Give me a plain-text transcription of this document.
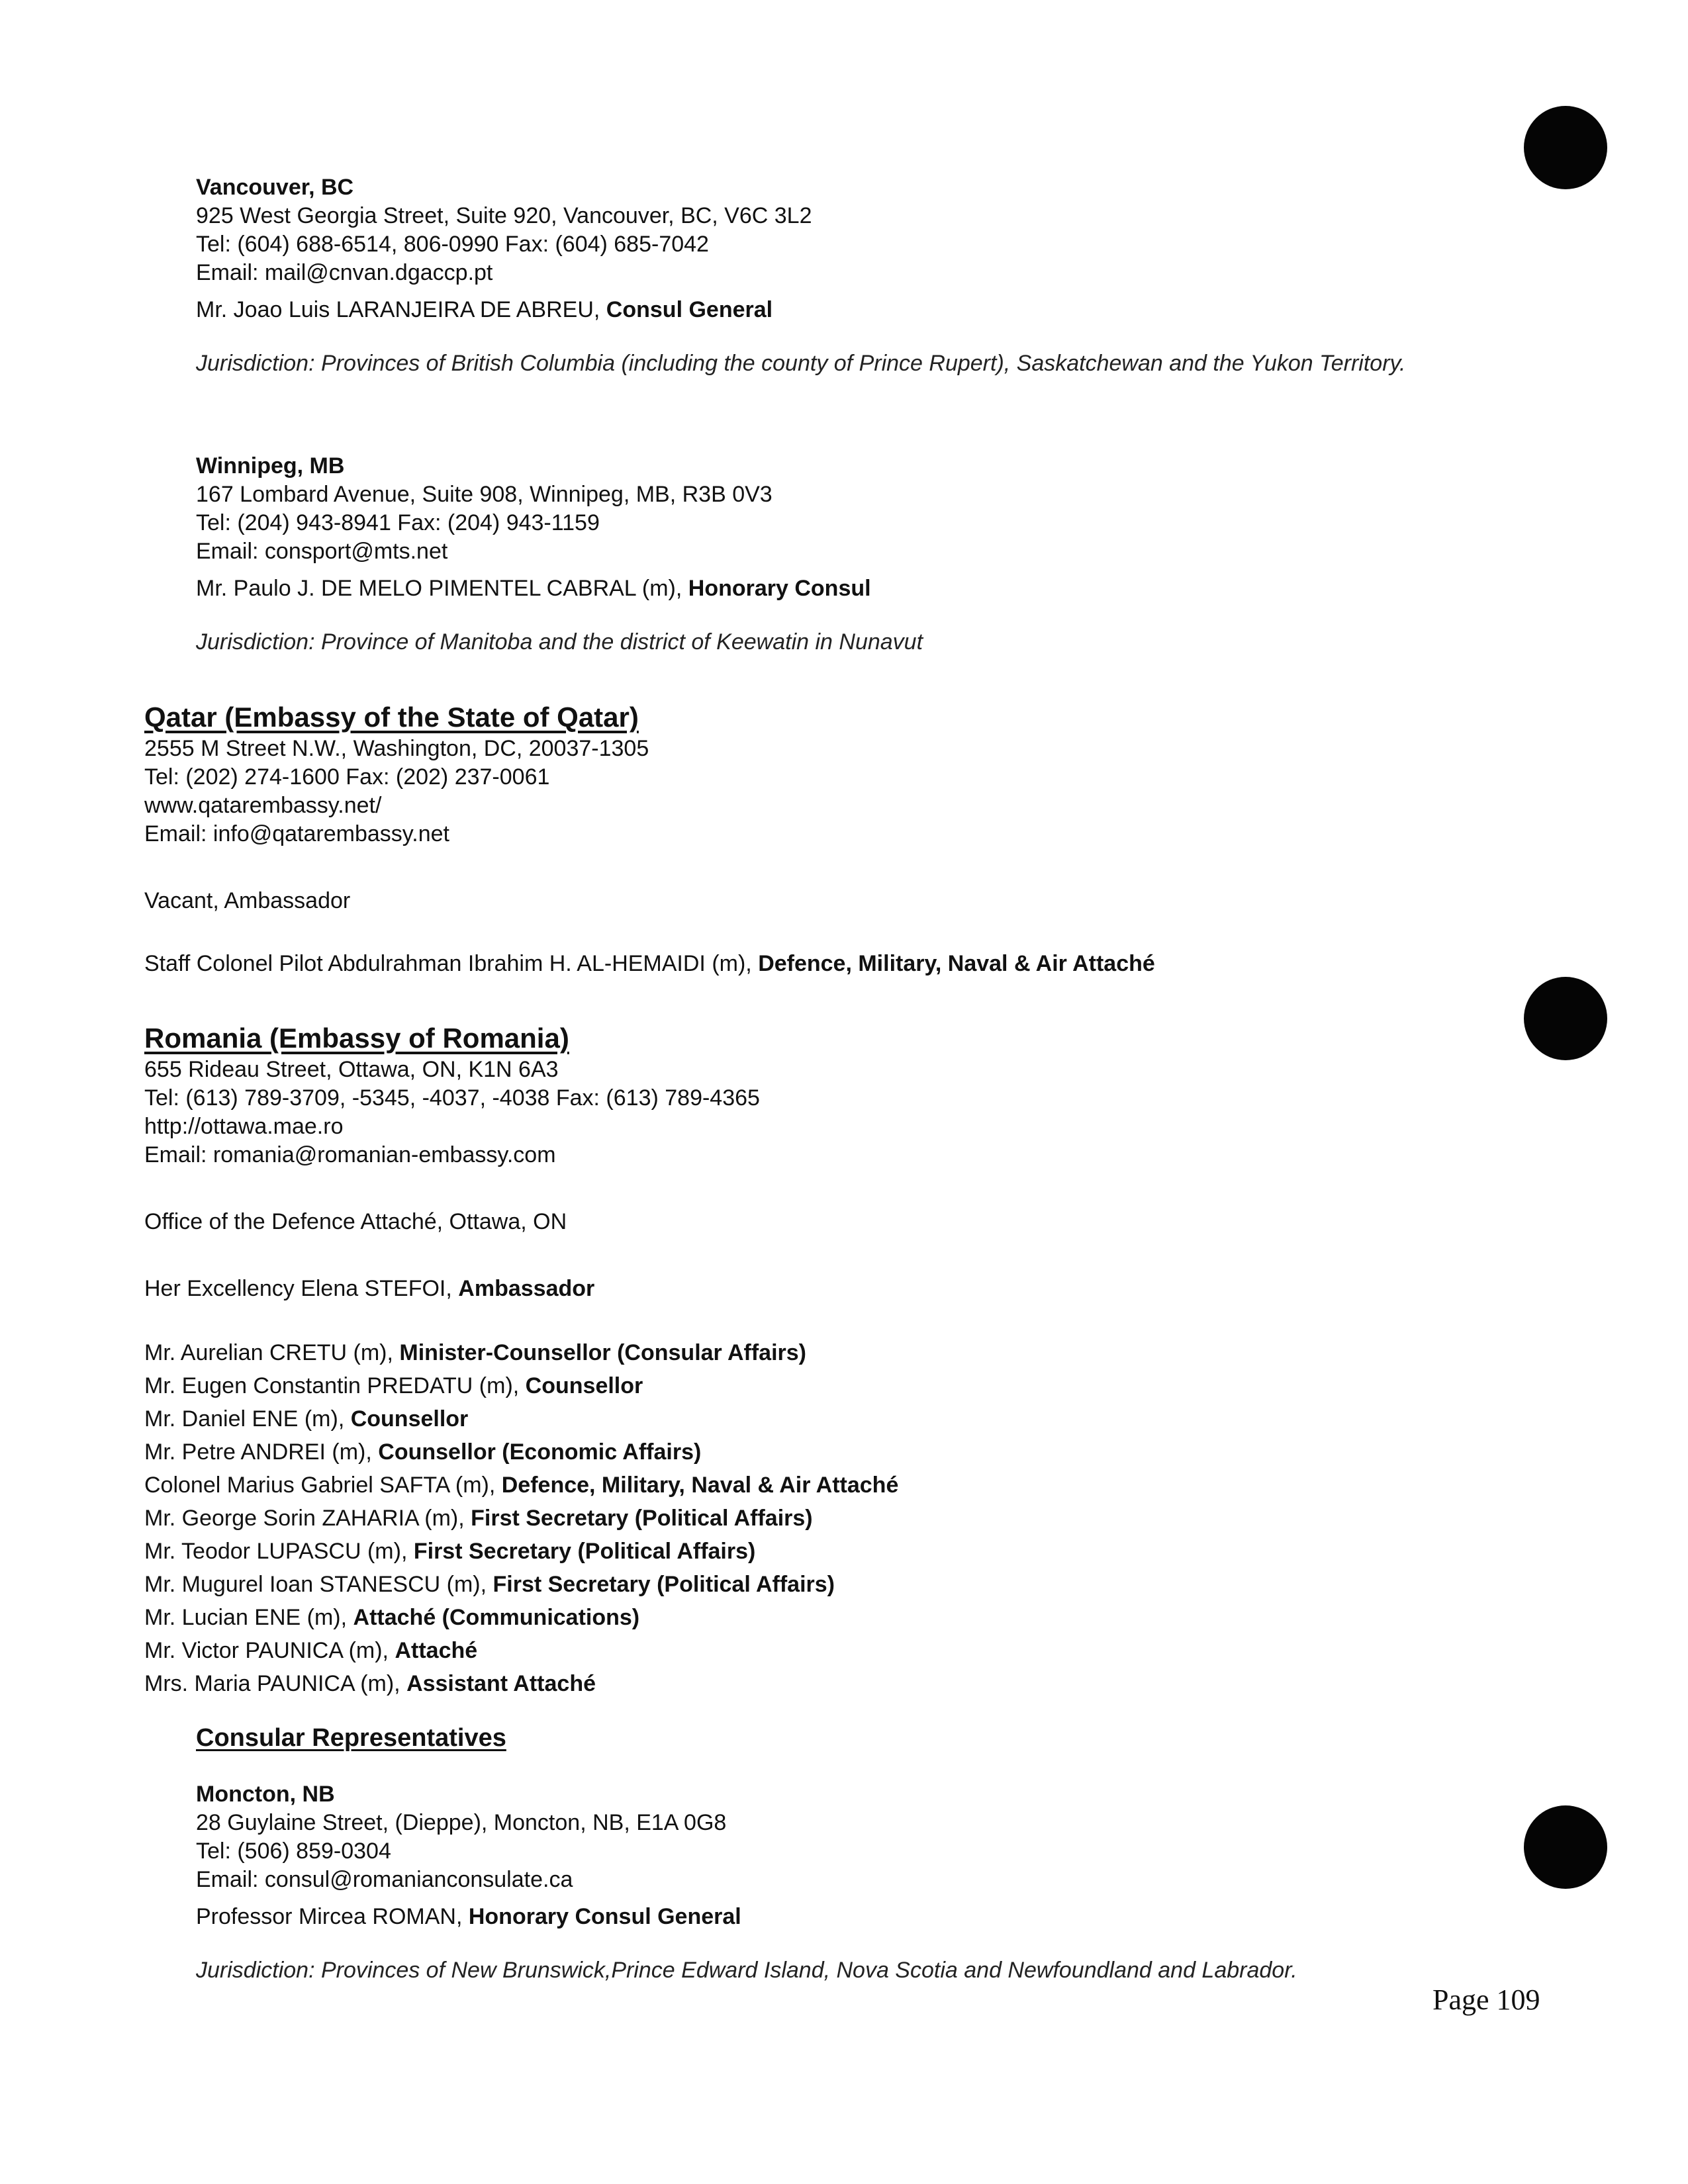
Vancouver, BC
925 West Georgia Street, Suite 920, Vancouver, BC, V6C 3L2
Tel: (604) 688-6514, 806-0990 Fax: (604) 685-7042
Email: mail@cnvan.dgaccp.pt
Mr. Joao Luis LARANJEIRA DE ABREU, Consul General
Jurisdiction: Provinces of British Columbia (including the county of Prince Rupert), Saskatchewan and the Yukon Territory.
Winnipeg, MB
167 Lombard Avenue, Suite 908, Winnipeg, MB, R3B 0V3
Tel: (204) 943-8941 Fax: (204) 943-1159
Email: consport@mts.net
Mr. Paulo J. DE MELO PIMENTEL CABRAL (m), Honorary Consul
Jurisdiction: Province of Manitoba and the district of Keewatin in Nunavut
Qatar (Embassy of the State of Qatar)
2555 M Street N.W., Washington, DC, 20037-1305
Tel: (202) 274-1600 Fax: (202) 237-0061
www.qatarembassy.net/
Email: info@qatarembassy.net
Vacant, Ambassador
Staff Colonel Pilot Abdulrahman Ibrahim H. AL-HEMAIDI (m), Defence, Military, Naval & Air Attaché
Romania (Embassy of Romania)
655 Rideau Street, Ottawa, ON, K1N 6A3
Tel: (613) 789-3709, -5345, -4037, -4038 Fax: (613) 789-4365
http://ottawa.mae.ro
Email: romania@romanian-embassy.com
Office of the Defence Attaché, Ottawa, ON
Her Excellency Elena STEFOI, Ambassador
Mr. Aurelian CRETU (m), Minister-Counsellor (Consular Affairs)
Mr. Eugen Constantin PREDATU (m), Counsellor
Mr. Daniel ENE (m), Counsellor
Mr. Petre ANDREI (m), Counsellor (Economic Affairs)
Colonel Marius Gabriel SAFTA (m), Defence, Military, Naval & Air Attaché
Mr. George Sorin ZAHARIA (m), First Secretary (Political Affairs)
Mr. Teodor LUPASCU (m), First Secretary (Political Affairs)
Mr. Mugurel Ioan STANESCU (m), First Secretary (Political Affairs)
Mr. Lucian ENE (m), Attaché (Communications)
Mr. Victor PAUNICA (m), Attaché
Mrs. Maria PAUNICA (m), Assistant Attaché
Consular Representatives
Moncton, NB
28 Guylaine Street, (Dieppe), Moncton, NB, E1A 0G8
Tel: (506) 859-0304
Email: consul@romanianconsulate.ca
Professor Mircea ROMAN, Honorary Consul General
Jurisdiction: Provinces of New Brunswick,Prince Edward Island, Nova Scotia and Newfoundland and Labrador.
Page 109
